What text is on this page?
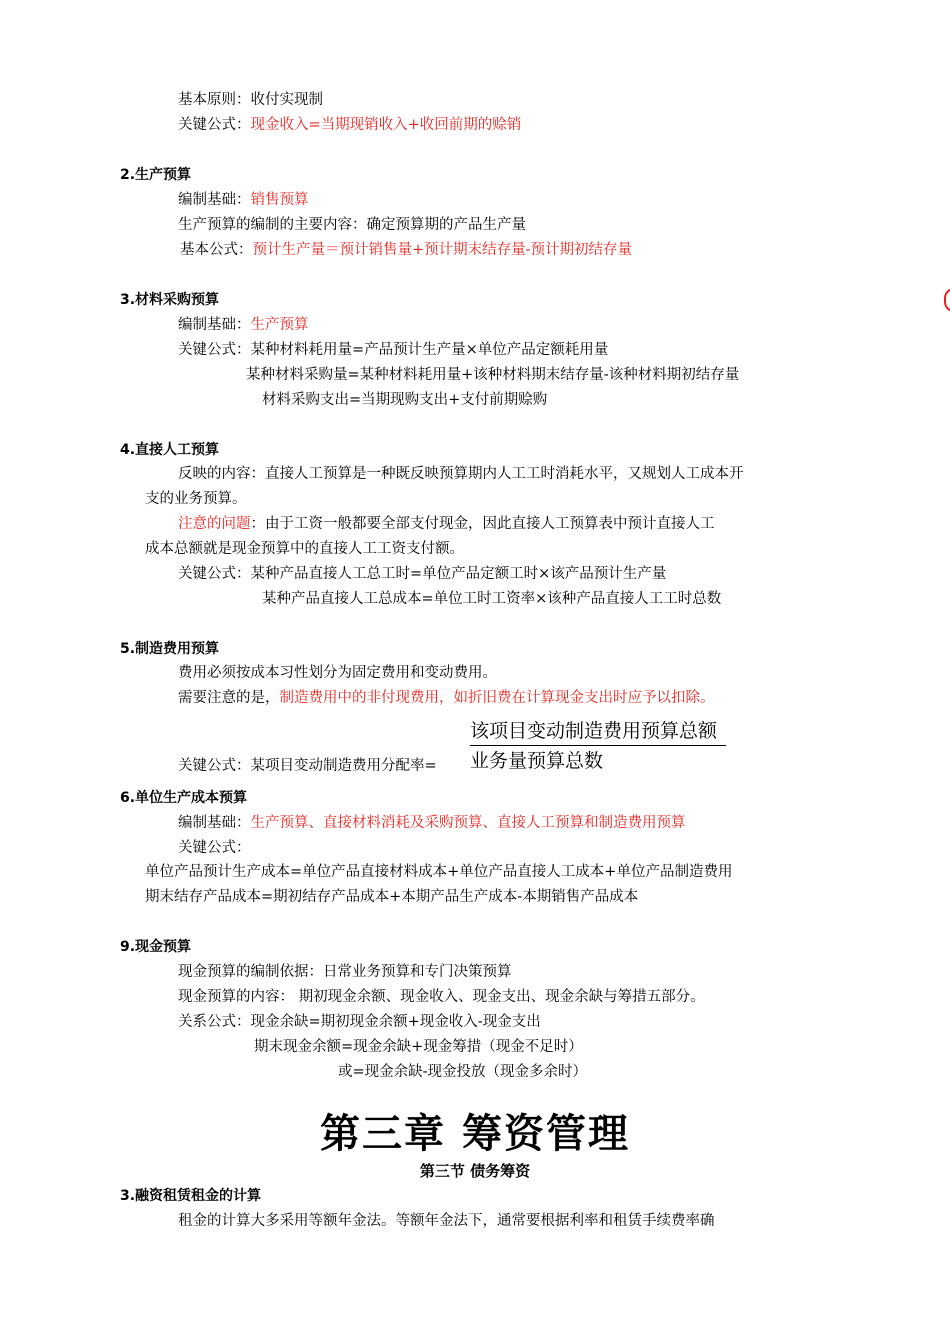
基本原则：收付实现制
关键公式：现金收入=当期现销收入+收回前期的赊销
2.生产预算
编制基础：销售预算
生产预算的编制的主要内容：确定预算期的产品生产量
基本公式：预计生产量＝预计销售量+预计期末结存量-预计期初结存量
3.材料采购预算
编制基础：生产预算
关键公式：某种材料耗用量=产品预计生产量×单位产品定额耗用量
某种材料采购量=某种材料耗用量+该种材料期末结存量-该种材料期初结存量
材料采购支出=当期现购支出+支付前期赊购
4.直接人工预算
反映的内容：直接人工预算是一种既反映预算期内人工工时消耗水平，又规划人工成本开
支的业务预算。
注意的问题：由于工资一般都要全部支付现金，因此直接人工预算表中预计直接人工
成本总额就是现金预算中的直接人工工资支付额。
关键公式：某种产品直接人工总工时=单位产品定额工时×该产品预计生产量
某种产品直接人工总成本=单位工时工资率×该种产品直接人工工时总数
5.制造费用预算
费用必须按成本习性划分为固定费用和变动费用。
需要注意的是，制造费用中的非付现费用，如折旧费在计算现金支出时应予以扣除。
该项目变动制造费用预算总额
业务量预算总数
关键公式：某项目变动制造费用分配率=
6.单位生产成本预算
编制基础：生产预算、直接材料消耗及采购预算、直接人工预算和制造费用预算
关键公式：
单位产品预计生产成本=单位产品直接材料成本+单位产品直接人工成本+单位产品制造费用
期末结存产品成本=期初结存产品成本+本期产品生产成本-本期销售产品成本
9.现金预算
现金预算的编制依据：日常业务预算和专门决策预算
现金预算的内容： 期初现金余额、现金收入、现金支出、现金余缺与筹措五部分。
关系公式：现金余缺=期初现金余额+现金收入-现金支出
期末现金余额=现金余缺+现金筹措（现金不足时）
或=现金余缺-现金投放（现金多余时）
第三章 筹资管理
第三节 债务筹资
3.融资租赁租金的计算
租金的计算大多采用等额年金法。等额年金法下，通常要根据利率和租赁手续费率确
